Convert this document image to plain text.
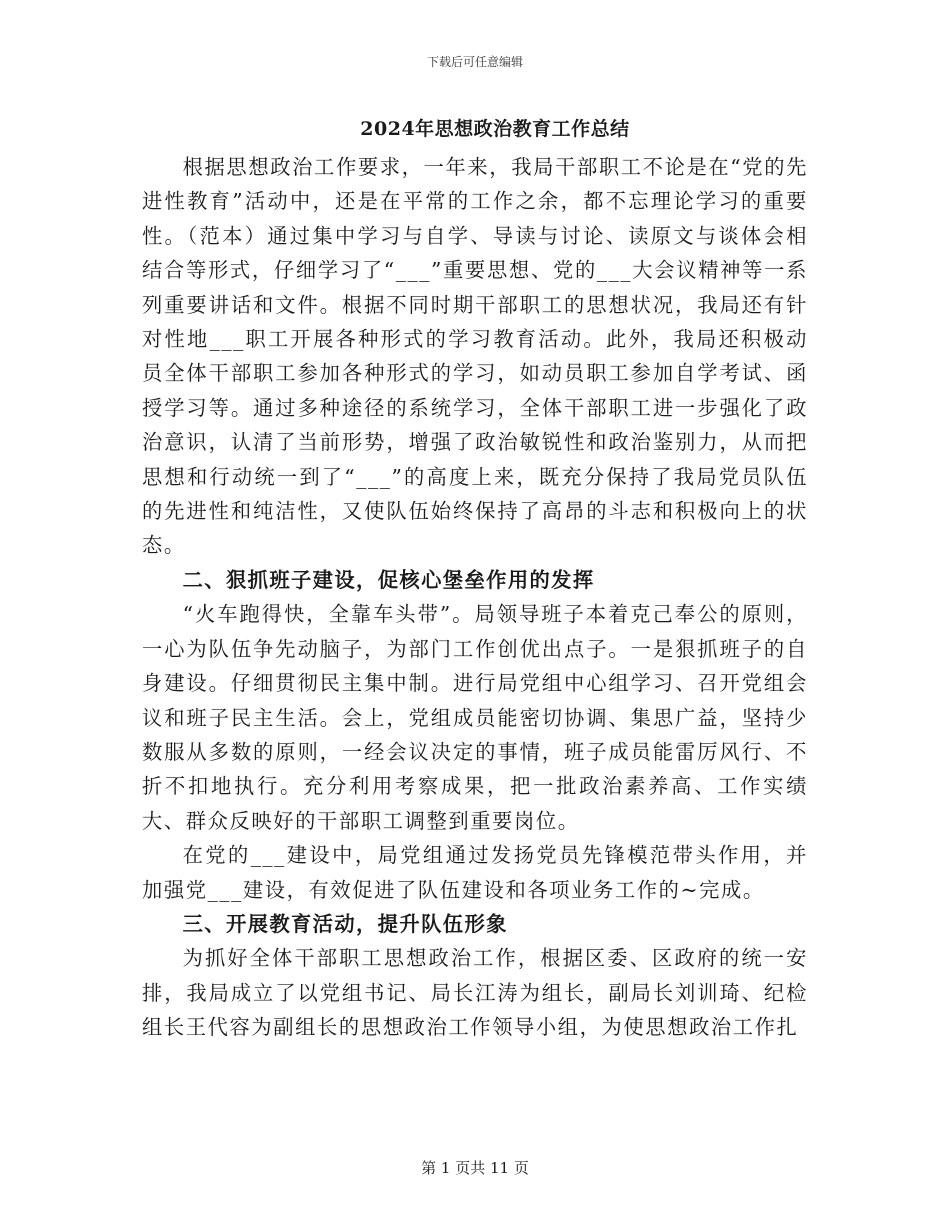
下载后可任意编辑
2024年思想政治教育工作总结

根据思想政治工作要求，一年来，我局干部职工不论是在“党的先进性教育”活动中，还是在平常的工作之余，都不忘理论学习的重要性。（范本）通过集中学习与自学、导读与讨论、读原文与谈体会相结合等形式，仔细学习了“___”重要思想、党的___大会议精神等一系列重要讲话和文件。根据不同时期干部职工的思想状况，我局还有针对性地___职工开展各种形式的学习教育活动。此外，我局还积极动员全体干部职工参加各种形式的学习，如动员职工参加自学考试、函授学习等。通过多种途径的系统学习，全体干部职工进一步强化了政治意识，认清了当前形势，增强了政治敏锐性和政治鉴别力，从而把思想和行动统一到了“___”的高度上来，既充分保持了我局党员队伍的先进性和纯洁性，又使队伍始终保持了高昂的斗志和积极向上的状态。

二、狠抓班子建设，促核心堡垒作用的发挥

“火车跑得快，全靠车头带”。局领导班子本着克己奉公的原则，一心为队伍争先动脑子，为部门工作创优出点子。一是狠抓班子的自身建设。仔细贯彻民主集中制。进行局党组中心组学习、召开党组会议和班子民主生活。会上，党组成员能密切协调、集思广益，坚持少数服从多数的原则，一经会议决定的事情，班子成员能雷厉风行、不折不扣地执行。充分利用考察成果，把一批政治素养高、工作实绩大、群众反映好的干部职工调整到重要岗位。

在党的___建设中，局党组通过发扬党员先锋模范带头作用，并加强党___建设，有效促进了队伍建设和各项业务工作的~完成。

三、开展教育活动，提升队伍形象

为抓好全体干部职工思想政治工作，根据区委、区政府的统一安排，我局成立了以党组书记、局长江涛为组长，副局长刘训琦、纪检组长王代容为副组长的思想政治工作领导小组，为使思想政治工作扎

第 1 页共 11 页
